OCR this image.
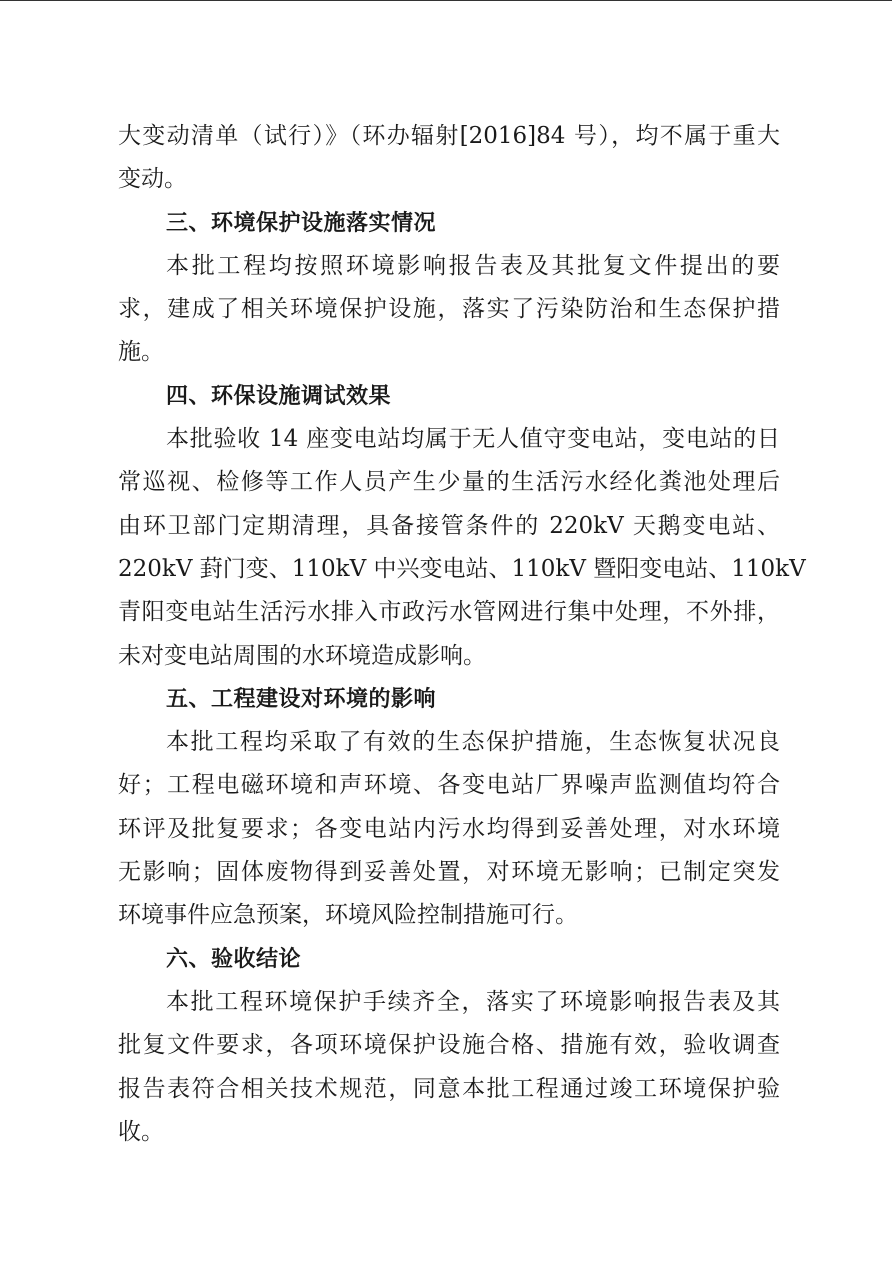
大变动清单（试行）》（环办辐射[2016]84 号），均不属于重大
变动。
三、环境保护设施落实情况
本批工程均按照环境影响报告表及其批复文件提出的要
求，建成了相关环境保护设施，落实了污染防治和生态保护措
施。
四、环保设施调试效果
本批验收 14 座变电站均属于无人值守变电站，变电站的日
常巡视、检修等工作人员产生少量的生活污水经化粪池处理后
由环卫部门定期清理，具备接管条件的 220kV 天鹅变电站、
220kV 葑门变、110kV 中兴变电站、110kV 暨阳变电站、110kV
青阳变电站生活污水排入市政污水管网进行集中处理，不外排，
未对变电站周围的水环境造成影响。
五、工程建设对环境的影响
本批工程均采取了有效的生态保护措施，生态恢复状况良
好；工程电磁环境和声环境、各变电站厂界噪声监测值均符合
环评及批复要求；各变电站内污水均得到妥善处理，对水环境
无影响；固体废物得到妥善处置，对环境无影响；已制定突发
环境事件应急预案，环境风险控制措施可行。
六、验收结论
本批工程环境保护手续齐全，落实了环境影响报告表及其
批复文件要求，各项环境保护设施合格、措施有效，验收调查
报告表符合相关技术规范，同意本批工程通过竣工环境保护验
收。
